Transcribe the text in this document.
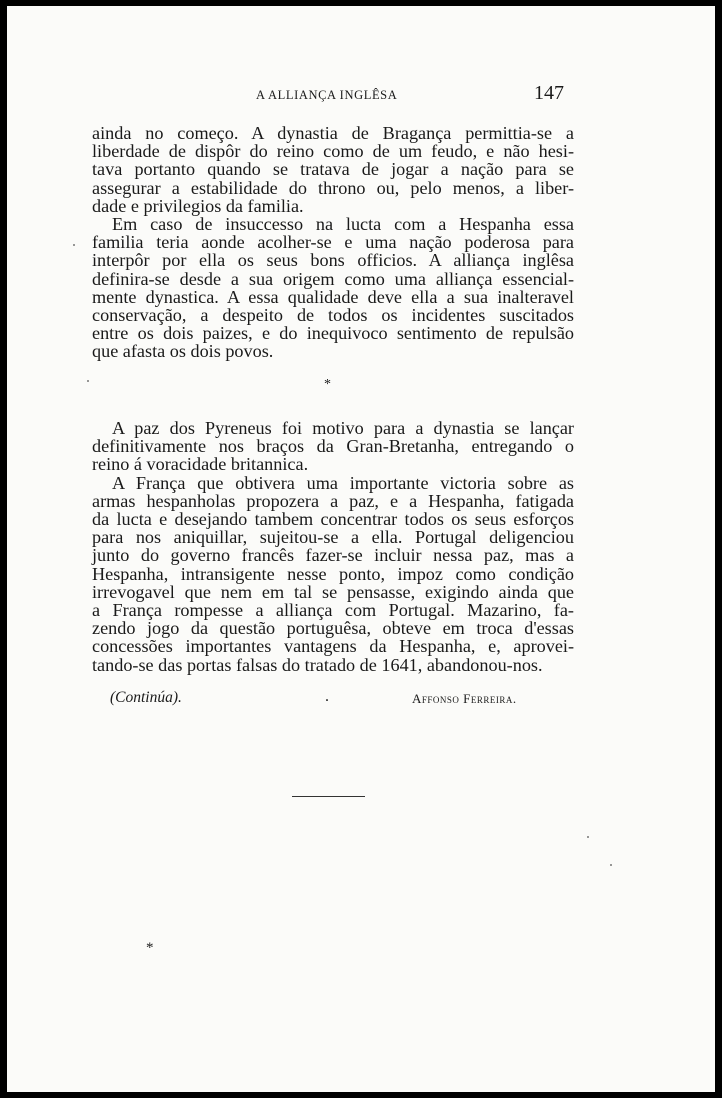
A ALLIANÇA INGLÊSA	147

ainda no começo. A dynastia de Bragança permittia-se a

liberdade de dispôr do reino como de um feudo, e não hesi-

tava portanto quando se tratava de jogar a nação para se

assegurar a estabilidade do throno ou, pelo menos, a liber-

dade e privilegios da familia.

Em caso de insuccesso na lucta com a Hespanha essa

familia teria aonde acolher-se e uma nação poderosa para

interpôr por ella os seus bons officios. A alliança inglêsa

definira-se desde a sua origem como uma alliança essencial-

mente dynastica. A essa qualidade deve ella a sua inalteravel

conservação, a despeito de todos os incidentes suscitados

entre os dois paizes, e do inequivoco sentimento de repulsão

que afasta os dois povos.

*

A paz dos Pyreneus foi motivo para a dynastia se lançar

definitivamente nos braços da Gran-Bretanha, entregando o

reino á voracidade britannica.

A França que obtivera uma importante victoria sobre as

armas hespanholas propozera a paz, e a Hespanha, fatigada

da lucta e desejando tambem concentrar todos os seus esforços

para nos aniquillar, sujeitou-se a ella. Portugal deligenciou

junto do governo francês fazer-se incluir nessa paz, mas a

Hespanha, intransigente nesse ponto, impoz como condição

irrevogavel que nem em tal se pensasse, exigindo ainda que

a França rompesse a alliança com Portugal. Mazarino, fa-

zendo jogo da questão portuguêsa, obteve em troca d'essas

concessões importantes vantagens da Hespanha, e, aprovei-

tando-se das portas falsas do tratado de 1641, abandonou-nos.

(Continúa).	.	Affonso Ferreira.
*
